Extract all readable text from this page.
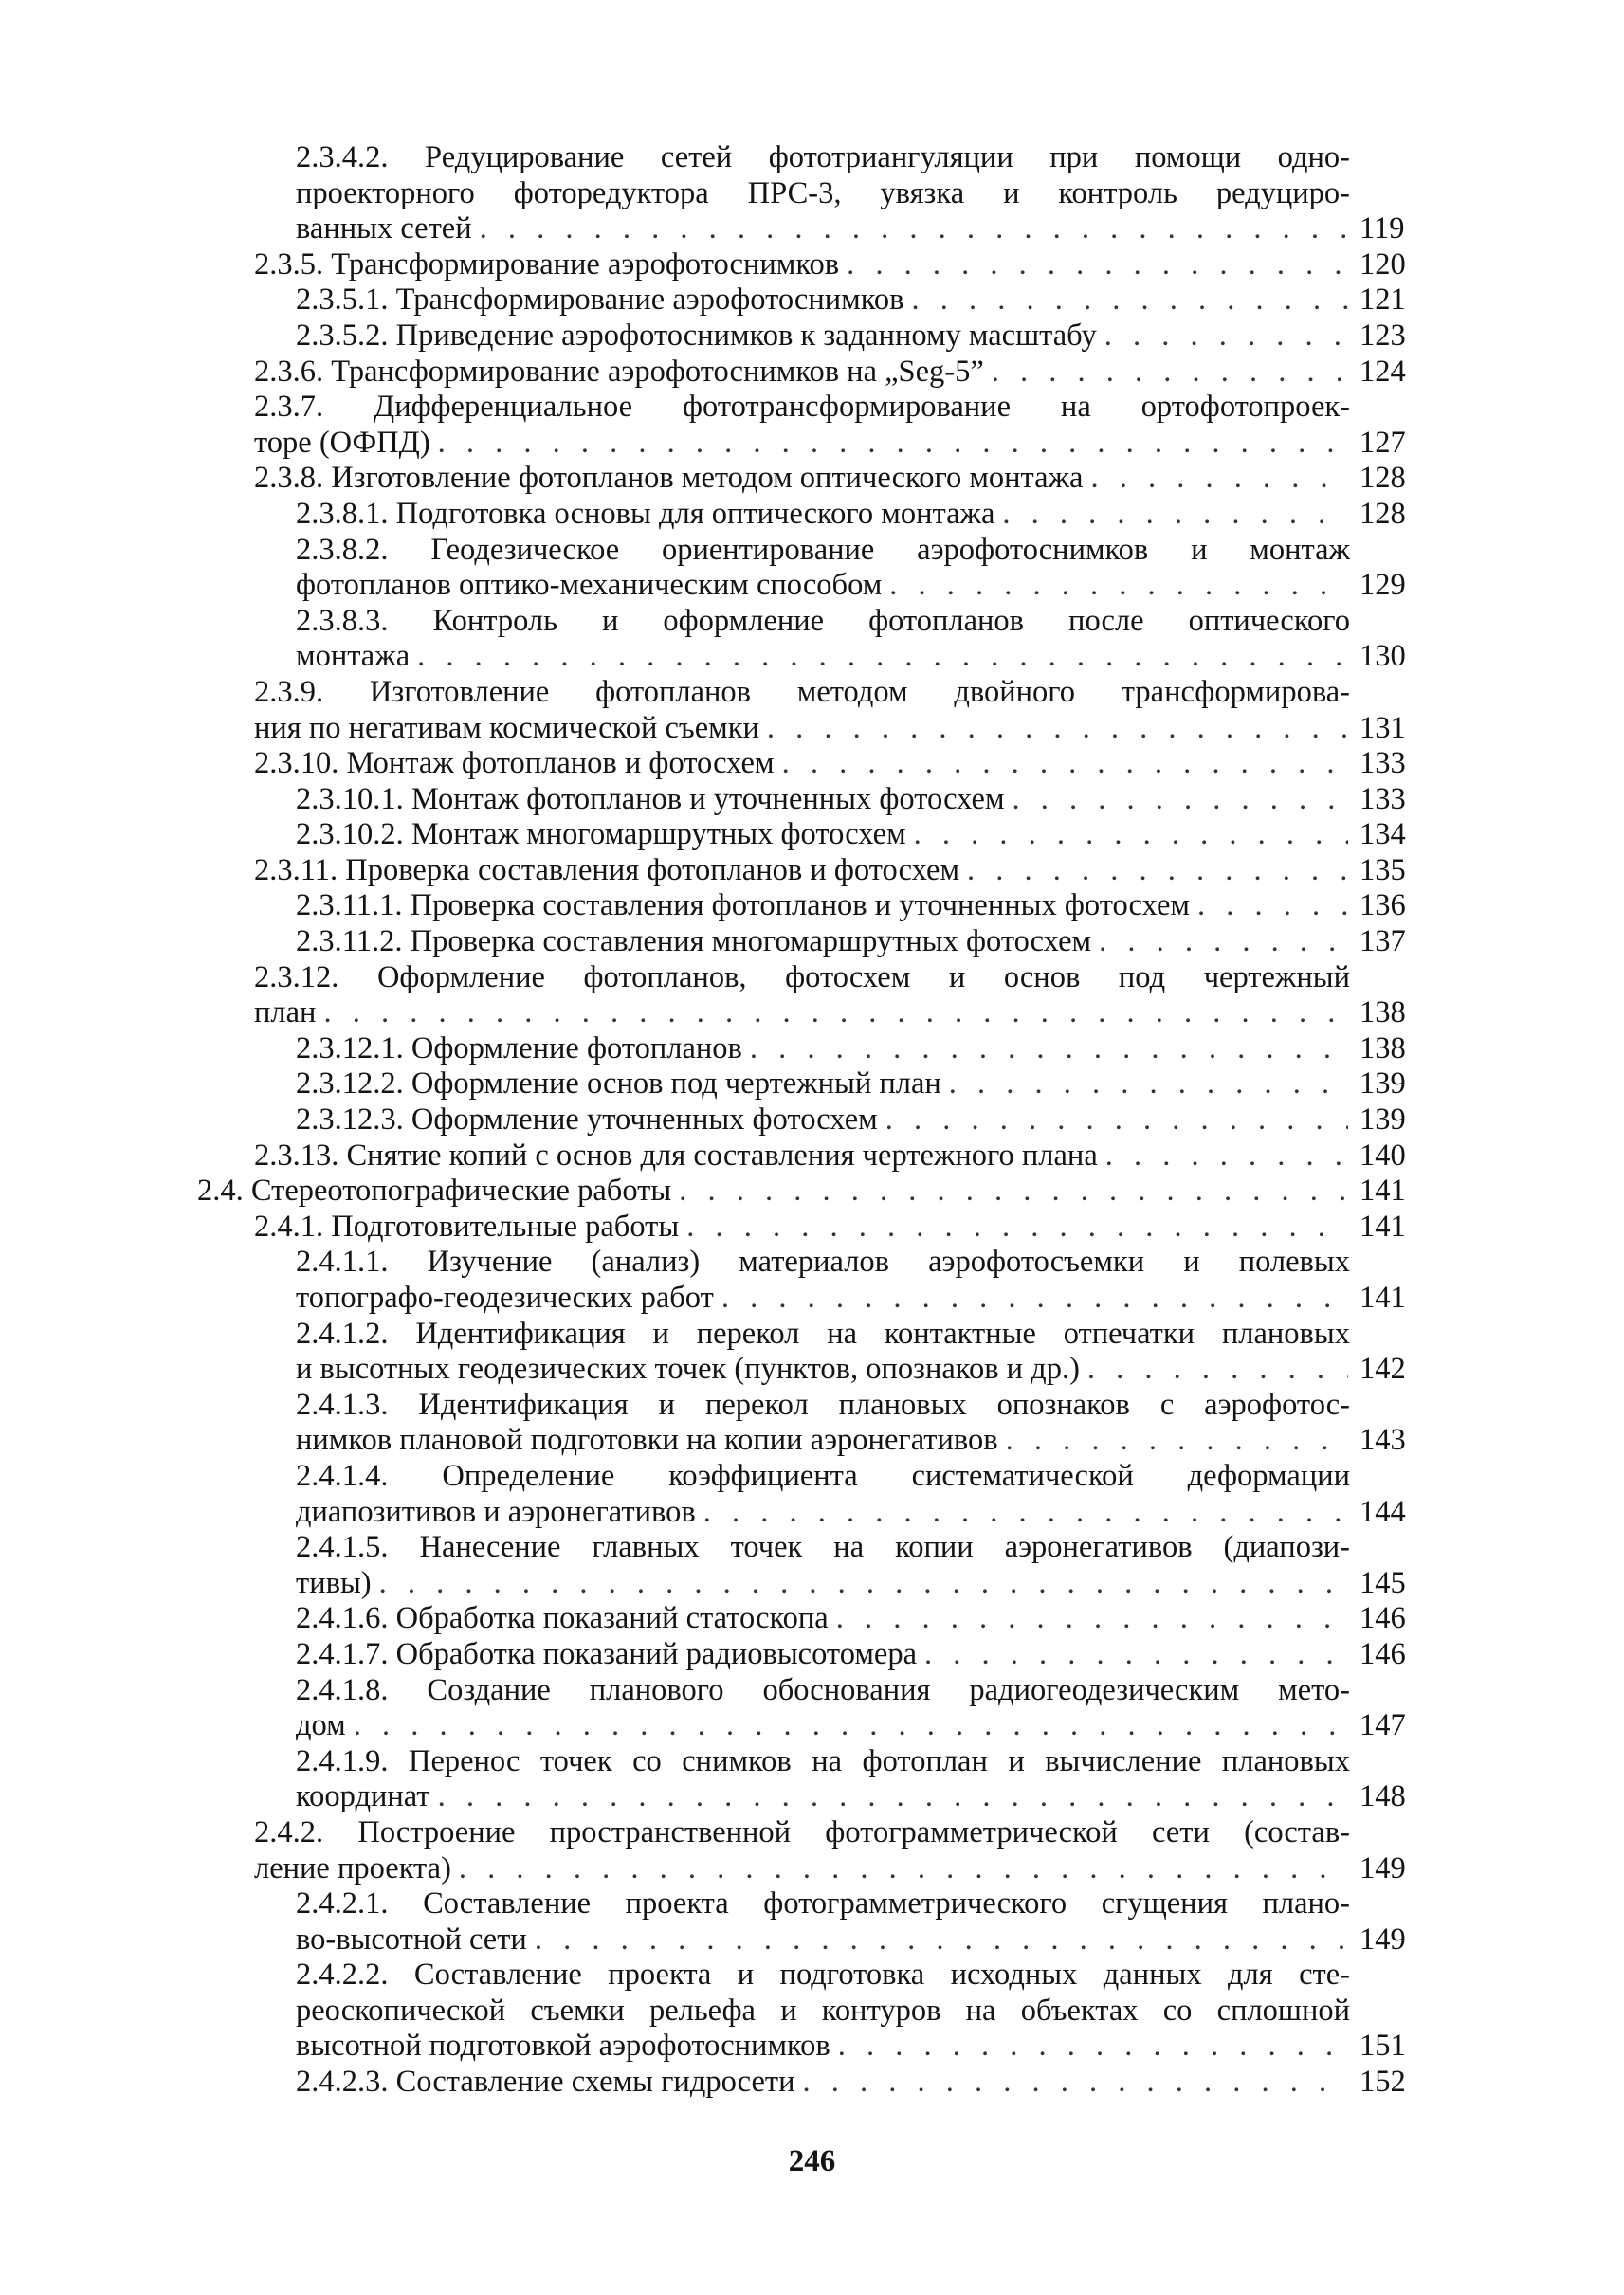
2.3.4.2. Редуцирование сетей фототриангуляции при помощи одно-
проекторного фоторедуктора ПРС-3, увязка и контроль редуциро-
ванных сетей . . .	119
2.3.5. Трансформирование аэрофотоснимков . . .	120
2.3.5.1. Трансформирование аэрофотоснимков . . .	121
2.3.5.2. Приведение аэрофотоснимков к заданному масштабу . . .	123
2.3.6. Трансформирование аэрофотоснимков на „Seg-5” . . .	124
2.3.7. Дифференциальное фототрансформирование на ортофотопроек-
торе (ОФПД) . . .	127
2.3.8. Изготовление фотопланов методом оптического монтажа . . .	128
2.3.8.1. Подготовка основы для оптического монтажа . . .	128
2.3.8.2. Геодезическое ориентирование аэрофотоснимков и монтаж
фотопланов оптико-механическим способом . . .	129
2.3.8.3. Контроль и оформление фотопланов после оптического
монтажа . . .	130
2.3.9. Изготовление фотопланов методом двойного трансформирова-
ния по негативам космической съемки . . .	131
2.3.10. Монтаж фотопланов и фотосхем . . .	133
2.3.10.1. Монтаж фотопланов и уточненных фотосхем . . .	133
2.3.10.2. Монтаж многомаршрутных фотосхем . . .	134
2.3.11. Проверка составления фотопланов и фотосхем . . .	135
2.3.11.1. Проверка составления фотопланов и уточненных фотосхем . . .	136
2.3.11.2. Проверка составления многомаршрутных фотосхем . . .	137
2.3.12. Оформление фотопланов, фотосхем и основ под чертежный
план . . .	138
2.3.12.1. Оформление фотопланов . . .	138
2.3.12.2. Оформление основ под чертежный план . . .	139
2.3.12.3. Оформление уточненных фотосхем . . .	139
2.3.13. Снятие копий с основ для составления чертежного плана . . .	140
2.4. Стереотопографические работы . . .	141
2.4.1. Подготовительные работы . . .	141
2.4.1.1. Изучение (анализ) материалов аэрофотосъемки и полевых
топографо-геодезических работ . . .	141
2.4.1.2. Идентификация и перекол на контактные отпечатки плановых
и высотных геодезических точек (пунктов, опознаков и др.) . . .	142
2.4.1.3. Идентификация и перекол плановых опознаков с аэрофотос-
нимков плановой подготовки на копии аэронегативов . . .	143
2.4.1.4. Определение коэффициента систематической деформации
диапозитивов и аэронегативов . . .	144
2.4.1.5. Нанесение главных точек на копии аэронегативов (диапози-
тивы) . . .	145
2.4.1.6. Обработка показаний статоскопа . . .	146
2.4.1.7. Обработка показаний радиовысотомера . . .	146
2.4.1.8. Создание планового обоснования радиогеодезическим мето-
дом . . .	147
2.4.1.9. Перенос точек со снимков на фотоплан и вычисление плановых
координат . . .	148
2.4.2. Построение пространственной фотограмметрической сети (состав-
ление проекта) . . .	149
2.4.2.1. Составление проекта фотограмметрического сгущения плано-
во-высотной сети . . .	149
2.4.2.2. Составление проекта и подготовка исходных данных для сте-
реоскопической съемки рельефа и контуров на объектах со сплошной
высотной подготовкой аэрофотоснимков . . .	151
2.4.2.3. Составление схемы гидросети . . .	152
246
